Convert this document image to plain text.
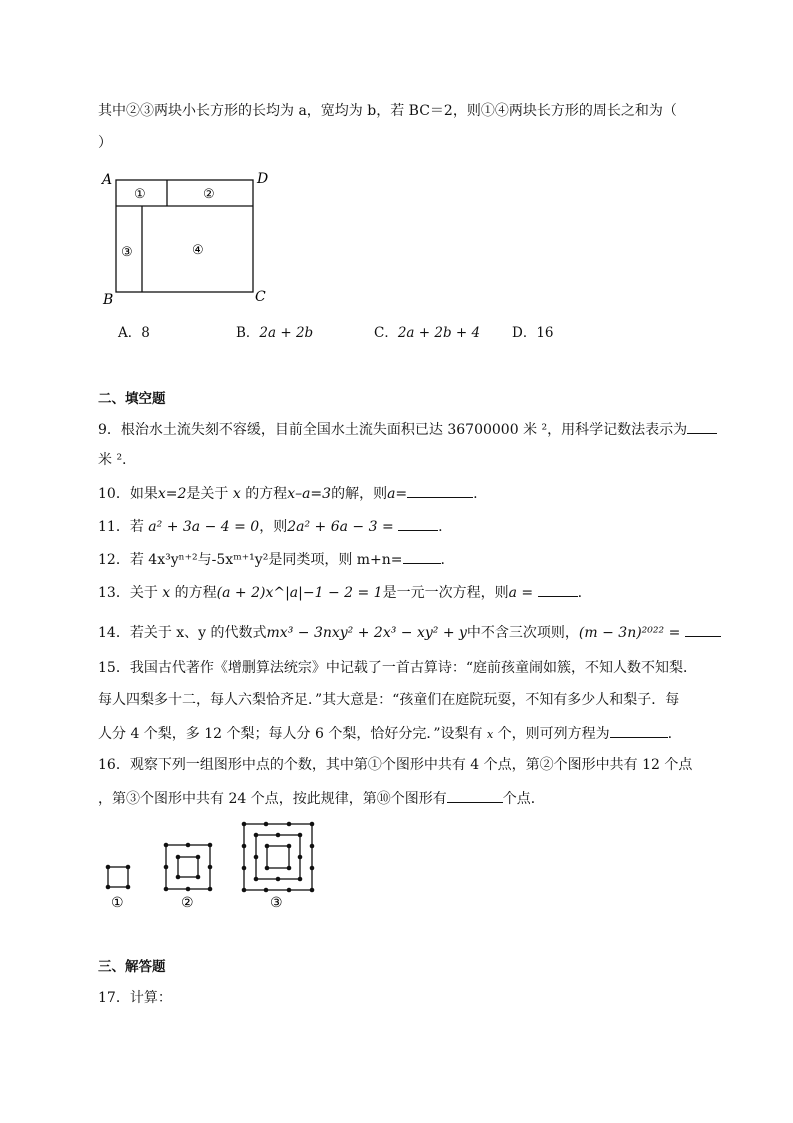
其中②③两块小长方形的长均为 a，宽均为 b，若 BC＝2，则①④两块长方形的周长之和为（
）
A	D
B	C
①	②
③	④
A．8	B．2a + 2b	C．2a + 2b + 4 D．16
二、填空题
9．根治水土流失刻不容缓，目前全国水土流失面积已达 36700000 米 ²，用科学记数法表示为
米 ².
10．如果x=2是关于 x 的方程x–a=3的解，则a=	.
11．若 a² + 3a − 4 = 0，则2a² + 6a − 3 =	.
12．若 4x³yⁿ⁺²与-5xᵐ⁺¹y²是同类项，则 m+n=	.
13．关于 x 的方程(a + 2)x^|a|−1 − 2 = 1是一元一次方程，则a =	.
14．若关于 x、y 的代数式mx³ − 3nxy² + 2x³ − xy² + y中不含三次项则，(m − 3n)²⁰²² =
15．我国古代著作《增删算法统宗》中记载了一首古算诗：“庭前孩童闹如簇，不知人数不知梨．
每人四梨多十二，每人六梨恰齐足．”其大意是：“孩童们在庭院玩耍，不知有多少人和梨子．每
人分 4 个梨，多 12 个梨；每人分 6 个梨，恰好分完．”设梨有 x 个，则可列方程为	.
16．观察下列一组图形中点的个数，其中第①个图形中共有 4 个点，第②个图形中共有 12 个点
，第③个图形中共有 24 个点，按此规律，第⑩个图形有	个点．
①	②	③
三、解答题
17．计算：
